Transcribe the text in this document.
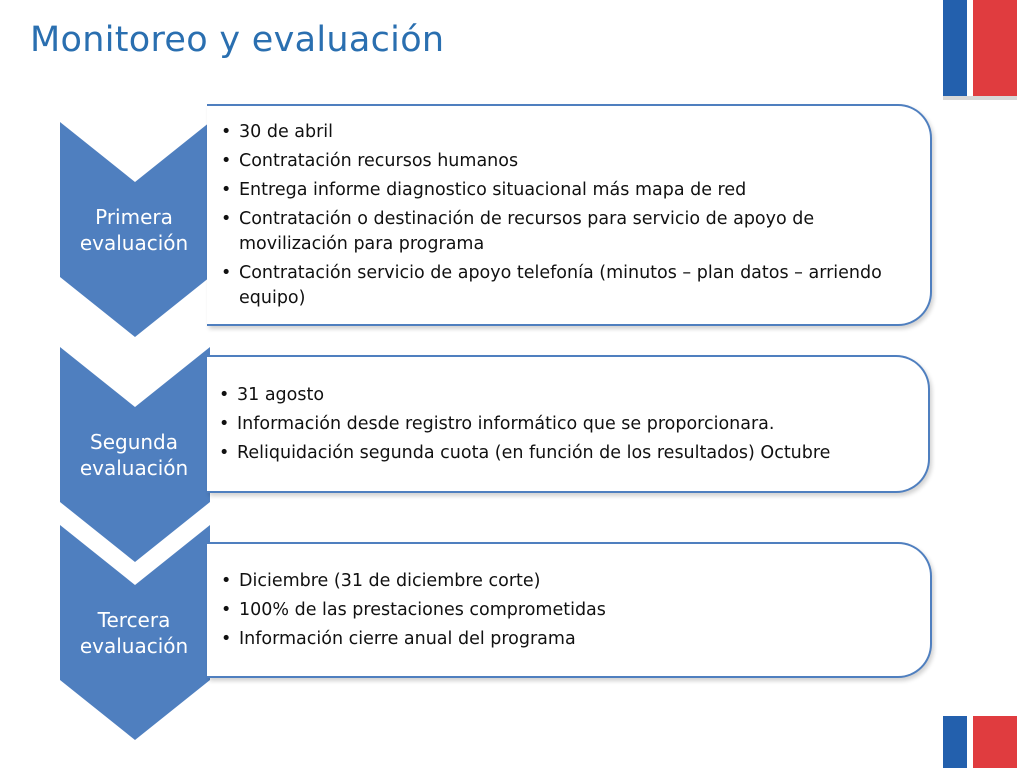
Monitoreo y evaluación
Primera
evaluación
• 30 de abril
• Contratación recursos humanos
• Entrega informe diagnostico situacional más mapa de red
• Contratación o destinación de recursos para servicio de apoyo de movilización para programa
• Contratación servicio de apoyo telefonía (minutos – plan datos – arriendo equipo)
Segunda
evaluación
• 31 agosto
• Información desde registro informático que se proporcionara.
• Reliquidación segunda cuota (en función de los resultados) Octubre
Tercera
evaluación
• Diciembre (31 de diciembre corte)
• 100% de las prestaciones comprometidas
• Información cierre anual del programa
